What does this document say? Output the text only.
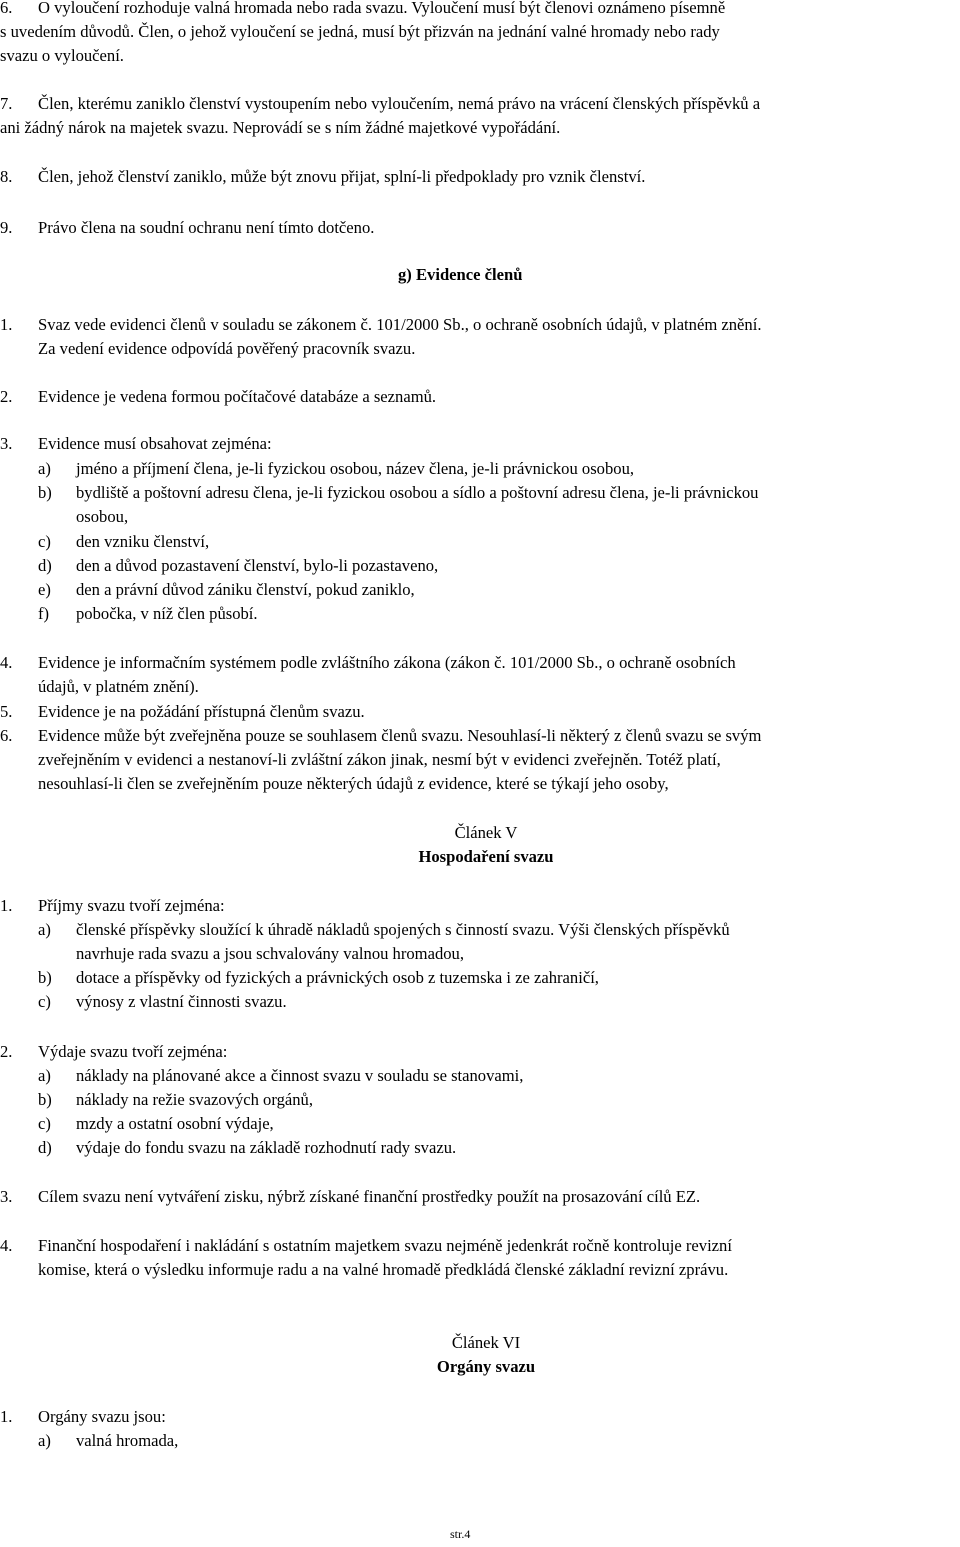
6. O vyloučení rozhoduje valná hromada nebo rada svazu. Vyloučení musí být členovi oznámeno písemně
s uvedením důvodů. Člen, o jehož vyloučení se jedná, musí být přizván na jednání valné hromady nebo rady
svazu o vyloučení.
7. Člen, kterému zaniklo členství vystoupením nebo vyloučením, nemá právo na vrácení členských příspěvků a
ani žádný nárok na majetek svazu. Neprovádí se s ním žádné majetkové vypořádání.
8. Člen, jehož členství zaniklo, může být znovu přijat, splní-li předpoklady pro vznik členství.
9. Právo člena na soudní ochranu není tímto dotčeno.
g) Evidence členů
1. Svaz vede evidenci členů v souladu se zákonem č. 101/2000 Sb., o ochraně osobních údajů, v platném znění.
Za vedení evidence odpovídá pověřený pracovník svazu.
2. Evidence je vedena formou počítačové databáze a seznamů.
3. Evidence musí obsahovat zejména:
a) jméno a příjmení člena, je-li fyzickou osobou, název člena, je-li právnickou osobou,
b) bydliště a poštovní adresu člena, je-li fyzickou osobou a sídlo a poštovní adresu člena, je-li právnickou
osobou,
c) den vzniku členství,
d) den a důvod pozastavení členství, bylo-li pozastaveno,
e) den a právní důvod zániku členství, pokud zaniklo,
f) pobočka, v níž člen působí.
4. Evidence je informačním systémem podle zvláštního zákona (zákon č. 101/2000 Sb., o ochraně osobních
údajů, v platném znění).
5. Evidence je na požádání přístupná členům svazu.
6. Evidence může být zveřejněna pouze se souhlasem členů svazu. Nesouhlasí-li některý z členů svazu se svým
zveřejněním v evidenci a nestanoví-li zvláštní zákon jinak, nesmí být v evidenci zveřejněn. Totéž platí,
nesouhlasí-li člen se zveřejněním pouze některých údajů z evidence, které se týkají jeho osoby,
Článek V
Hospodaření svazu
1. Příjmy svazu tvoří zejména:
a) členské příspěvky sloužící k úhradě nákladů spojených s činností svazu. Výši členských příspěvků
navrhuje rada svazu a jsou schvalovány valnou hromadou,
b) dotace a příspěvky od fyzických a právnických osob z tuzemska i ze zahraničí,
c) výnosy z vlastní činnosti svazu.
2. Výdaje svazu tvoří zejména:
a) náklady na plánované akce a činnost svazu v souladu se stanovami,
b) náklady na režie svazových orgánů,
c) mzdy a ostatní osobní výdaje,
d) výdaje do fondu svazu na základě rozhodnutí rady svazu.
3. Cílem svazu není vytváření zisku, nýbrž získané finanční prostředky použít na prosazování cílů EZ.
4. Finanční hospodaření i nakládání s ostatním majetkem svazu nejméně jedenkrát ročně kontroluje revizní
komise, která o výsledku informuje radu a na valné hromadě předkládá členské základní revizní zprávu.
Článek VI
Orgány svazu
1. Orgány svazu jsou:
a) valná hromada,
str.4
